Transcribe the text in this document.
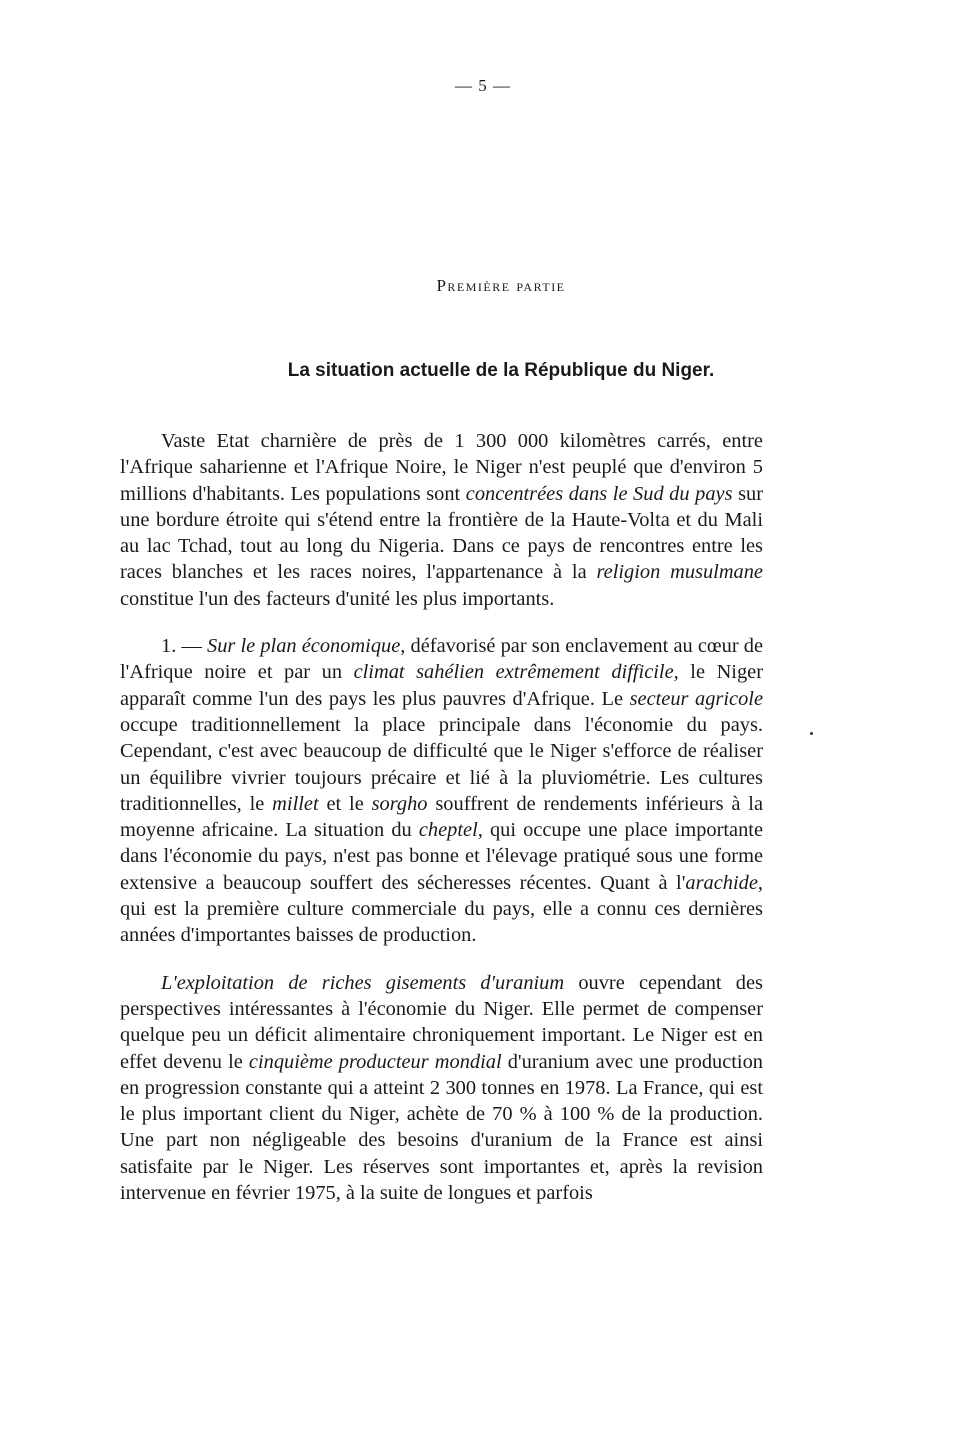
— 5 —
Première partie
La situation actuelle de la République du Niger.

Vaste Etat charnière de près de 1 300 000 kilomètres carrés, entre l'Afrique saharienne et l'Afrique Noire, le Niger n'est peuplé que d'environ 5 millions d'habitants. Les populations sont concentrées dans le Sud du pays sur une bordure étroite qui s'étend entre la frontière de la Haute-Volta et du Mali au lac Tchad, tout au long du Nigeria. Dans ce pays de rencontres entre les races blanches et les races noires, l'appartenance à la religion musulmane constitue l'un des facteurs d'unité les plus importants.

1. — Sur le plan économique, défavorisé par son enclavement au cœur de l'Afrique noire et par un climat sahélien extrêmement difficile, le Niger apparaît comme l'un des pays les plus pauvres d'Afrique. Le secteur agricole occupe traditionnellement la place principale dans l'économie du pays. Cependant, c'est avec beaucoup de difficulté que le Niger s'efforce de réaliser un équilibre vivrier toujours précaire et lié à la pluviométrie. Les cultures traditionnelles, le millet et le sorgho souffrent de rendements inférieurs à la moyenne africaine. La situation du cheptel, qui occupe une place importante dans l'économie du pays, n'est pas bonne et l'élevage pratiqué sous une forme extensive a beaucoup souffert des sécheresses récentes. Quant à l'arachide, qui est la première culture commerciale du pays, elle a connu ces dernières années d'importantes baisses de production.

L'exploitation de riches gisements d'uranium ouvre cependant des perspectives intéressantes à l'économie du Niger. Elle permet de compenser quelque peu un déficit alimentaire chroniquement important. Le Niger est en effet devenu le cinquième producteur mondial d'uranium avec une production en progression constante qui a atteint 2 300 tonnes en 1978. La France, qui est le plus important client du Niger, achète de 70 % à 100 % de la production. Une part non négligeable des besoins d'uranium de la France est ainsi satisfaite par le Niger. Les réserves sont importantes et, après la revision intervenue en février 1975, à la suite de longues et parfois
